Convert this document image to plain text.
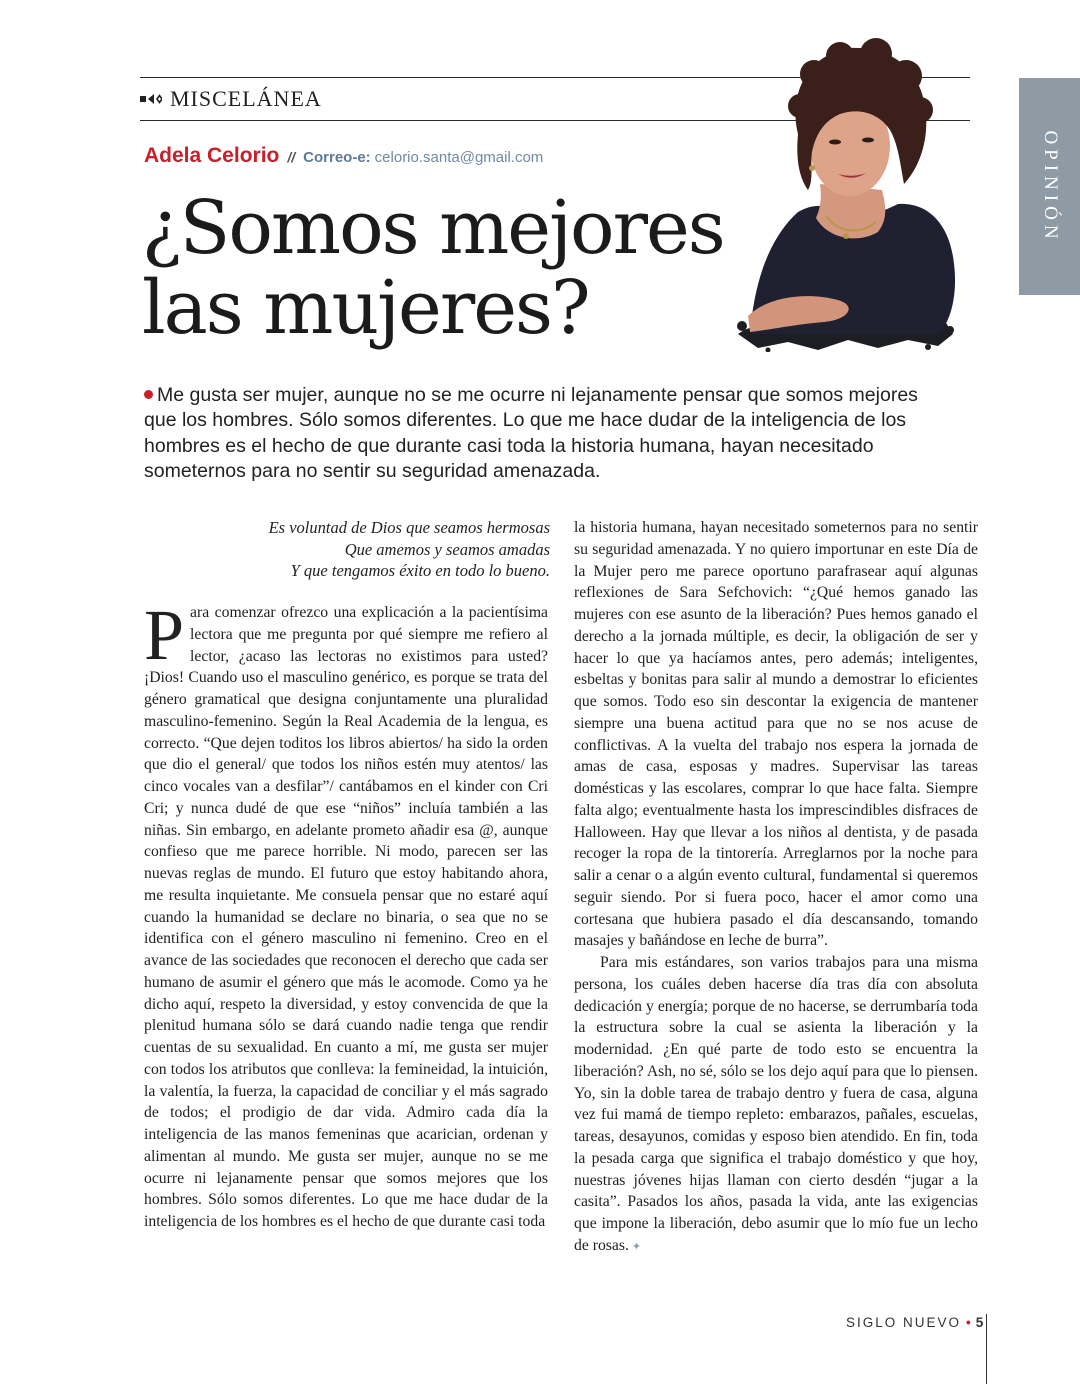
MISCELÁNEA
Adela Celorio // Correo-e: celorio.santa@gmail.com
¿Somos mejores
las mujeres?
OPINIÓN

Me gusta ser mujer, aunque no se me ocurre ni lejanamente pensar que somos mejores que los hombres. Sólo somos diferentes. Lo que me hace dudar de la inteligencia de los hombres es el hecho de que durante casi toda la historia humana, hayan necesitado someternos para no sentir su seguridad amenazada.

Es voluntad de Dios que seamos hermosas
Que amemos y seamos amadas
Y que tengamos éxito en todo lo bueno.

Para comenzar ofrezco una explicación a la pacientísima lectora que me pregunta por qué siempre me refiero al lector, ¿acaso las lectoras no existimos para usted? ¡Dios! Cuando uso el masculino genérico, es porque se trata del género gramatical que designa conjuntamente una pluralidad masculino-femenino. Según la Real Academia de la lengua, es correcto. “Que dejen toditos los libros abiertos/ ha sido la orden que dio el general/ que todos los niños estén muy atentos/ las cinco vocales van a desfilar”/ cantábamos en el kinder con Cri Cri; y nunca dudé de que ese “niños” incluía también a las niñas. Sin embargo, en adelante prometo añadir esa @, aunque confieso que me parece horrible. Ni modo, parecen ser las nuevas reglas de mundo. El futuro que estoy habitando ahora, me resulta inquietante. Me consuela pensar que no estaré aquí cuando la humanidad se declare no binaria, o sea que no se identifica con el género masculino ni femenino. Creo en el avance de las sociedades que reconocen el derecho que cada ser humano de asumir el género que más le acomode. Como ya he dicho aquí, respeto la diversidad, y estoy convencida de que la plenitud humana sólo se dará cuando nadie tenga que rendir cuentas de su sexualidad. En cuanto a mí, me gusta ser mujer con todos los atributos que conlleva: la femineidad, la intuición, la valentía, la fuerza, la capacidad de conciliar y el más sagrado de todos; el prodigio de dar vida. Admiro cada día la inteligencia de las manos femeninas que acarician, ordenan y alimentan al mundo. Me gusta ser mujer, aunque no se me ocurre ni lejanamente pensar que somos mejores que los hombres. Sólo somos diferentes. Lo que me hace dudar de la inteligencia de los hombres es el hecho de que durante casi toda

la historia humana, hayan necesitado someternos para no sentir su seguridad amenazada. Y no quiero importunar en este Día de la Mujer pero me parece oportuno parafrasear aquí algunas reflexiones de Sara Sefchovich: “¿Qué hemos ganado las mujeres con ese asunto de la liberación? Pues hemos ganado el derecho a la jornada múltiple, es decir, la obligación de ser y hacer lo que ya hacíamos antes, pero además; inteligentes, esbeltas y bonitas para salir al mundo a demostrar lo eficientes que somos. Todo eso sin descontar la exigencia de mantener siempre una buena actitud para que no se nos acuse de conflictivas. A la vuelta del trabajo nos espera la jornada de amas de casa, esposas y madres. Supervisar las tareas domésticas y las escolares, comprar lo que hace falta. Siempre falta algo; eventualmente hasta los imprescindibles disfraces de Halloween. Hay que llevar a los niños al dentista, y de pasada recoger la ropa de la tintorería. Arreglarnos por la noche para salir a cenar o a algún evento cultural, fundamental si queremos seguir siendo. Por si fuera poco, hacer el amor como una cortesana que hubiera pasado el día descansando, tomando masajes y bañándose en leche de burra”.

Para mis estándares, son varios trabajos para una misma persona, los cuáles deben hacerse día tras día con absoluta dedicación y energía; porque de no hacerse, se derrumbaría toda la estructura sobre la cual se asienta la liberación y la modernidad. ¿En qué parte de todo esto se encuentra la liberación? Ash, no sé, sólo se los dejo aquí para que lo piensen. Yo, sin la doble tarea de trabajo dentro y fuera de casa, alguna vez fui mamá de tiempo repleto: embarazos, pañales, escuelas, tareas, desayunos, comidas y esposo bien atendido. En fin, toda la pesada carga que significa el trabajo doméstico y que hoy, nuestras jóvenes hijas llaman con cierto desdén “jugar a la casita”. Pasados los años, pasada la vida, ante las exigencias que impone la liberación, debo asumir que lo mío fue un lecho de rosas. ✦

SIGLO NUEVO • 5
